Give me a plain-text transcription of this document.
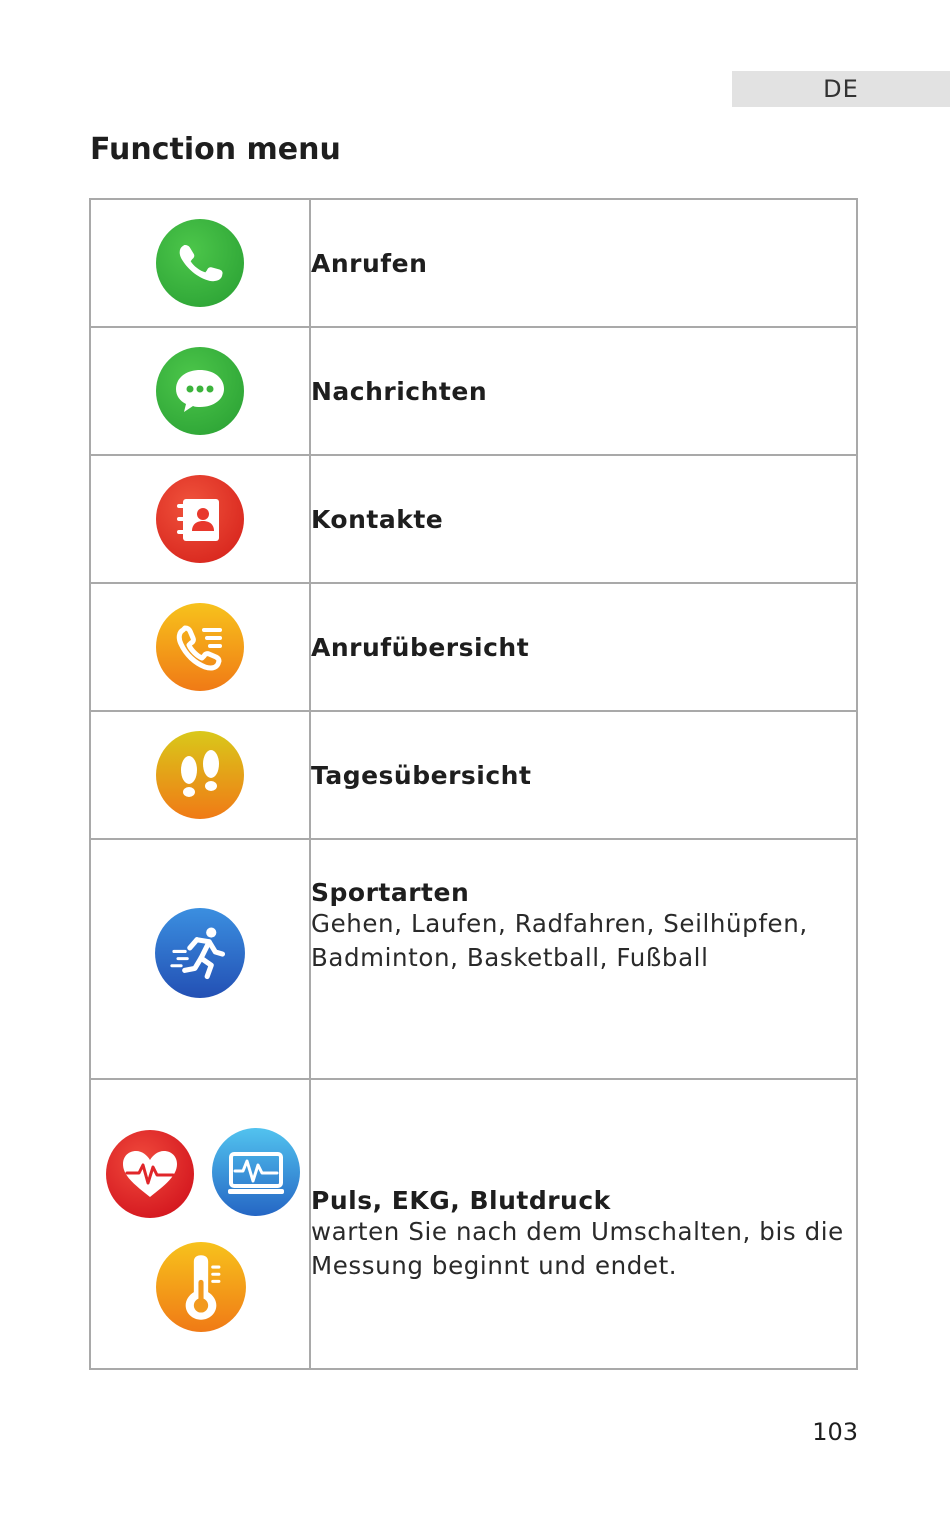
DE
Function menu

Anrufen

Nachrichten

Kontakte

Anrufübersicht

Tagesübersicht

Sportarten
Gehen, Laufen, Radfahren, Seilhüpfen, Badminton, Basketball, Fußball

Puls, EKG, Blutdruck
warten Sie nach dem Umschalten, bis die Messung beginnt und endet.
103
